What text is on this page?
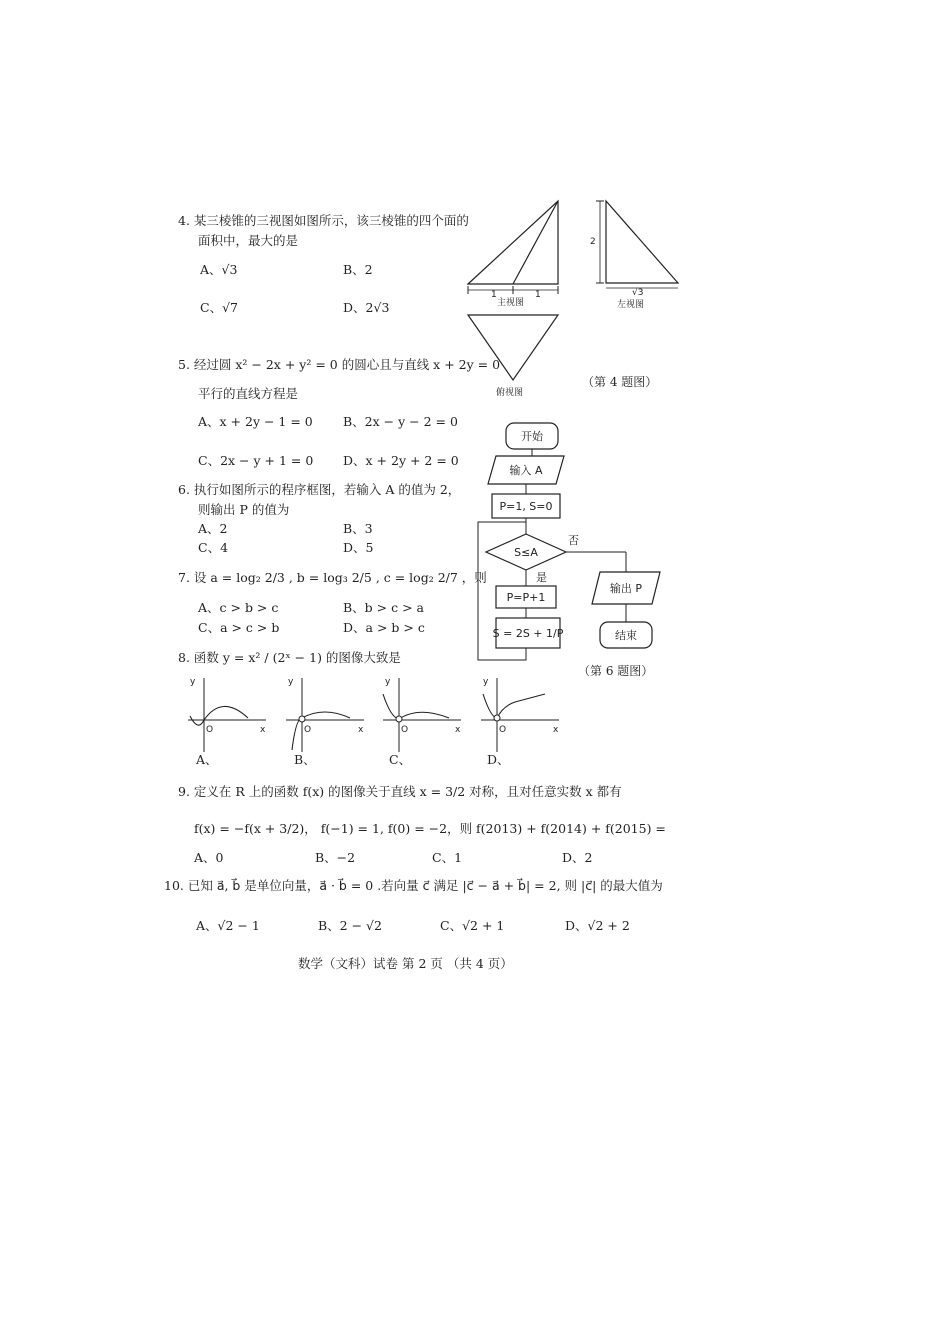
4. 某三棱锥的三视图如图所示，该三棱锥的四个面的
面积中，最大的是
A、√3	B、2
C、√7	D、2√3
1	1
主视图
2
√3
左视图
俯视图
（第 4 题图）
5. 经过圆 x² − 2x + y² = 0 的圆心且与直线 x + 2y = 0
平行的直线方程是
A、x + 2y − 1 = 0 B、2x − y − 2 = 0
C、2x − y + 1 = 0 D、x + 2y + 2 = 0
6. 执行如图所示的程序框图，若输入 A 的值为 2，
则输出 P 的值为
A、2	B、3
C、4	D、5
开始
输入 A
P=1, S=0
S≤A
否
是
P=P+1
S = 2S + 1/P
输出 P
结束
（第 6 题图）
7. 设 a = log₂ 2/3 , b = log₃ 2/5 , c = log₂ 2/7 ，则
A、c > b > c	B、b > c > a
C、a > c > b	D、a > b > c
8. 函数 y = x² / (2ˣ − 1) 的图像大致是
y
x
O
y
x
O
y
x
O
y
x
O
A、	B、	C、	D、
9. 定义在 R 上的函数 f(x) 的图像关于直线 x = 3/2 对称，且对任意实数 x 都有
f(x) = −f(x + 3/2)， f(−1) = 1, f(0) = −2，则 f(2013) + f(2014) + f(2015) =
A、0	B、−2	C、1	D、2
10. 已知 a⃗, b⃗ 是单位向量，a⃗ · b⃗ = 0 .若向量 c⃗ 满足 |c⃗ − a⃗ + b⃗| = 2, 则 |c⃗| 的最大值为
A、√2 − 1	B、2 − √2	C、√2 + 1	D、√2 + 2
数学（文科）试卷 第 2 页 （共 4 页）
